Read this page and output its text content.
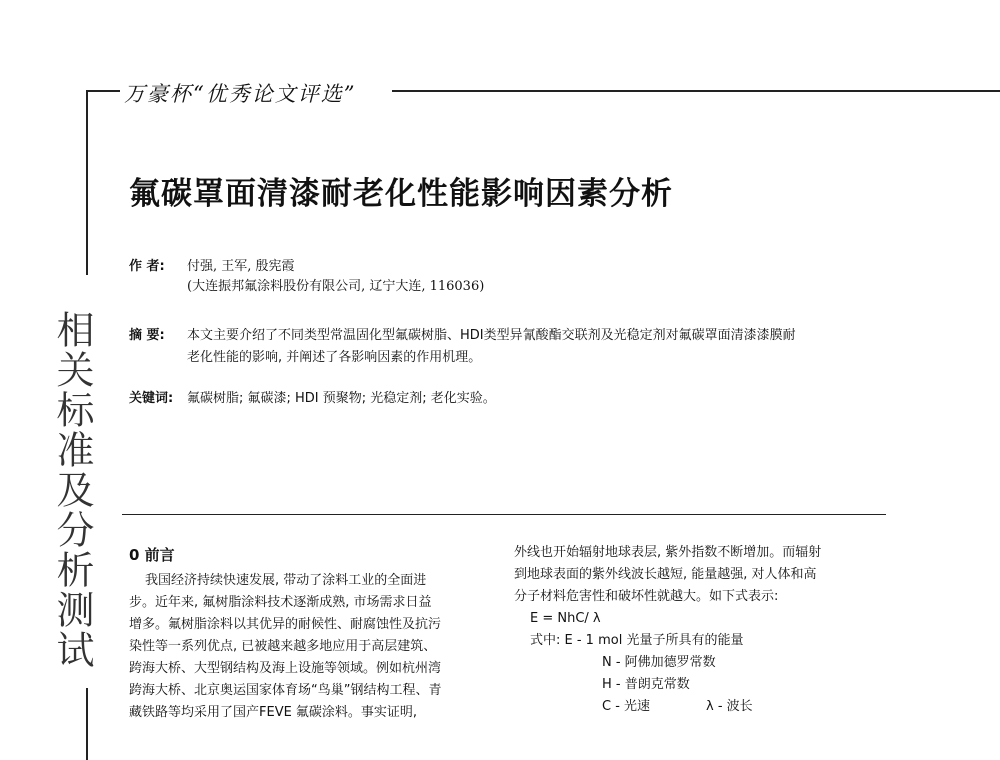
万豪杯“优秀论文评选”
相关标准及分析测试
氟碳罩面清漆耐老化性能影响因素分析
作 者: 付强, 王军, 殷宪霞
(大连振邦氟涂料股份有限公司, 辽宁大连, 116036)
摘 要: 本文主要介绍了不同类型常温固化型氟碳树脂、HDI类型异氰酸酯交联剂及光稳定剂对氟碳罩面清漆漆膜耐
老化性能的影响, 并阐述了各影响因素的作用机理。
关键词: 氟碳树脂; 氟碳漆; HDI 预聚物; 光稳定剂; 老化实验。
0 前言
我国经济持续快速发展, 带动了涂料工业的全面进
步。近年来, 氟树脂涂料技术逐渐成熟, 市场需求日益
增多。氟树脂涂料以其优异的耐候性、耐腐蚀性及抗污
染性等一系列优点, 已被越来越多地应用于高层建筑、
跨海大桥、大型钢结构及海上设施等领域。例如杭州湾
跨海大桥、北京奥运国家体育场“鸟巢”钢结构工程、青
藏铁路等均采用了国产FEVE 氟碳涂料。事实证明,
外线也开始辐射地球表层, 紫外指数不断增加。而辐射
到地球表面的紫外线波长越短, 能量越强, 对人体和高
分子材料危害性和破坏性就越大。如下式表示:
E = NhC/ λ
式中: E - 1 mol 光量子所具有的能量
N - 阿佛加德罗常数
H - 普朗克常数
C - 光速	λ - 波长
